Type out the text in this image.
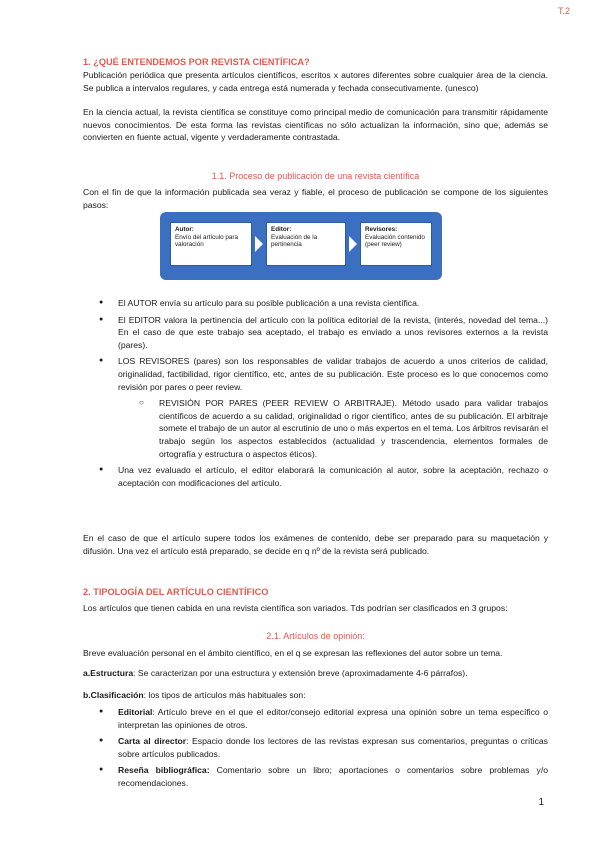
T.2
1. ¿QUÉ ENTENDEMOS POR REVISTA CIENTÍFICA?
Publicación periódica que presenta artículos científicos, escritos x autores diferentes sobre cualquier área de la ciencia. Se publica a intervalos regulares, y cada entrega está numerada y fechada consecutivamente. (unesco)
En la ciencia actual, la revista científica se constituye como principal medio de comunicación para transmitir rápidamente nuevos conocimientos. De esta forma las revistas científicas no sólo actualizan la información, sino que, además se convierten en fuente actual, vigente y verdaderamente contrastada.
1.1. Proceso de publicación de una revista científica
Con el fin de que la información publicada sea veraz y fiable, el proceso de publicación se compone de los siguientes pasos:
Autor:
Envío del artículo para valoración
Editor:
Evaluación de la pertinencia
Revisores:
Evaluación contenido (peer review)
● El AUTOR envía su artículo para su posible publicación a una revista científica.
● El EDITOR valora la pertinencia del artículo con la política editorial de la revista, (interés, novedad del tema...) En el caso de que este trabajo sea aceptado, el trabajo es enviado a unos revisores externos a la revista (pares).
● LOS REVISORES (pares) son los responsables de validar trabajos de acuerdo a unos criterios de calidad, originalidad, factibilidad, rigor científico, etc, antes de su publicación. Este proceso es lo que conocemos como revisión por pares o peer review.
○ REVISIÓN POR PARES (PEER REVIEW O ARBITRAJE). Método usado para validar trabajos científicos de acuerdo a su calidad, originalidad o rigor científico, antes de su publicación. El arbitraje somete el trabajo de un autor al escrutinio de uno o más expertos en el tema. Los árbitros revisarán el trabajo según los aspectos establecidos (actualidad y trascendencia, elementos formales de ortografía y estructura o aspectos éticos).
● Una vez evaluado el artículo, el editor elaborará la comunicación al autor, sobre la aceptación, rechazo o aceptación con modificaciones del artículo.
En el caso de que el artículo supere todos los exámenes de contenido, debe ser preparado para su maquetación y difusión. Una vez el artículo está preparado, se decide en q nº de la revista será publicado.
2. TIPOLOGÍA DEL ARTÍCULO CIENTÍFICO
Los artículos que tienen cabida en una revista científica son variados. Tds podrían ser clasificados en 3 grupos:
2.1. Artículos de opinión:
Breve evaluación personal en el ámbito científico, en el q se expresan las reflexiones del autor sobre un tema.
a.Estructura: Se caracterizan por una estructura y extensión breve (aproximadamente 4-6 párrafos).
b.Clasificación: los tipos de artículos más habituales son:
● Editorial: Artículo breve en el que el editor/consejo editorial expresa una opinión sobre un tema específico o interpretan las opiniones de otros.
● Carta al director: Espacio donde los lectores de las revistas expresan sus comentarios, preguntas o críticas sobre artículos publicados.
● Reseña bibliográfica: Comentario sobre un libro; aportaciones o comentarios sobre problemas y/o recomendaciones.
1
